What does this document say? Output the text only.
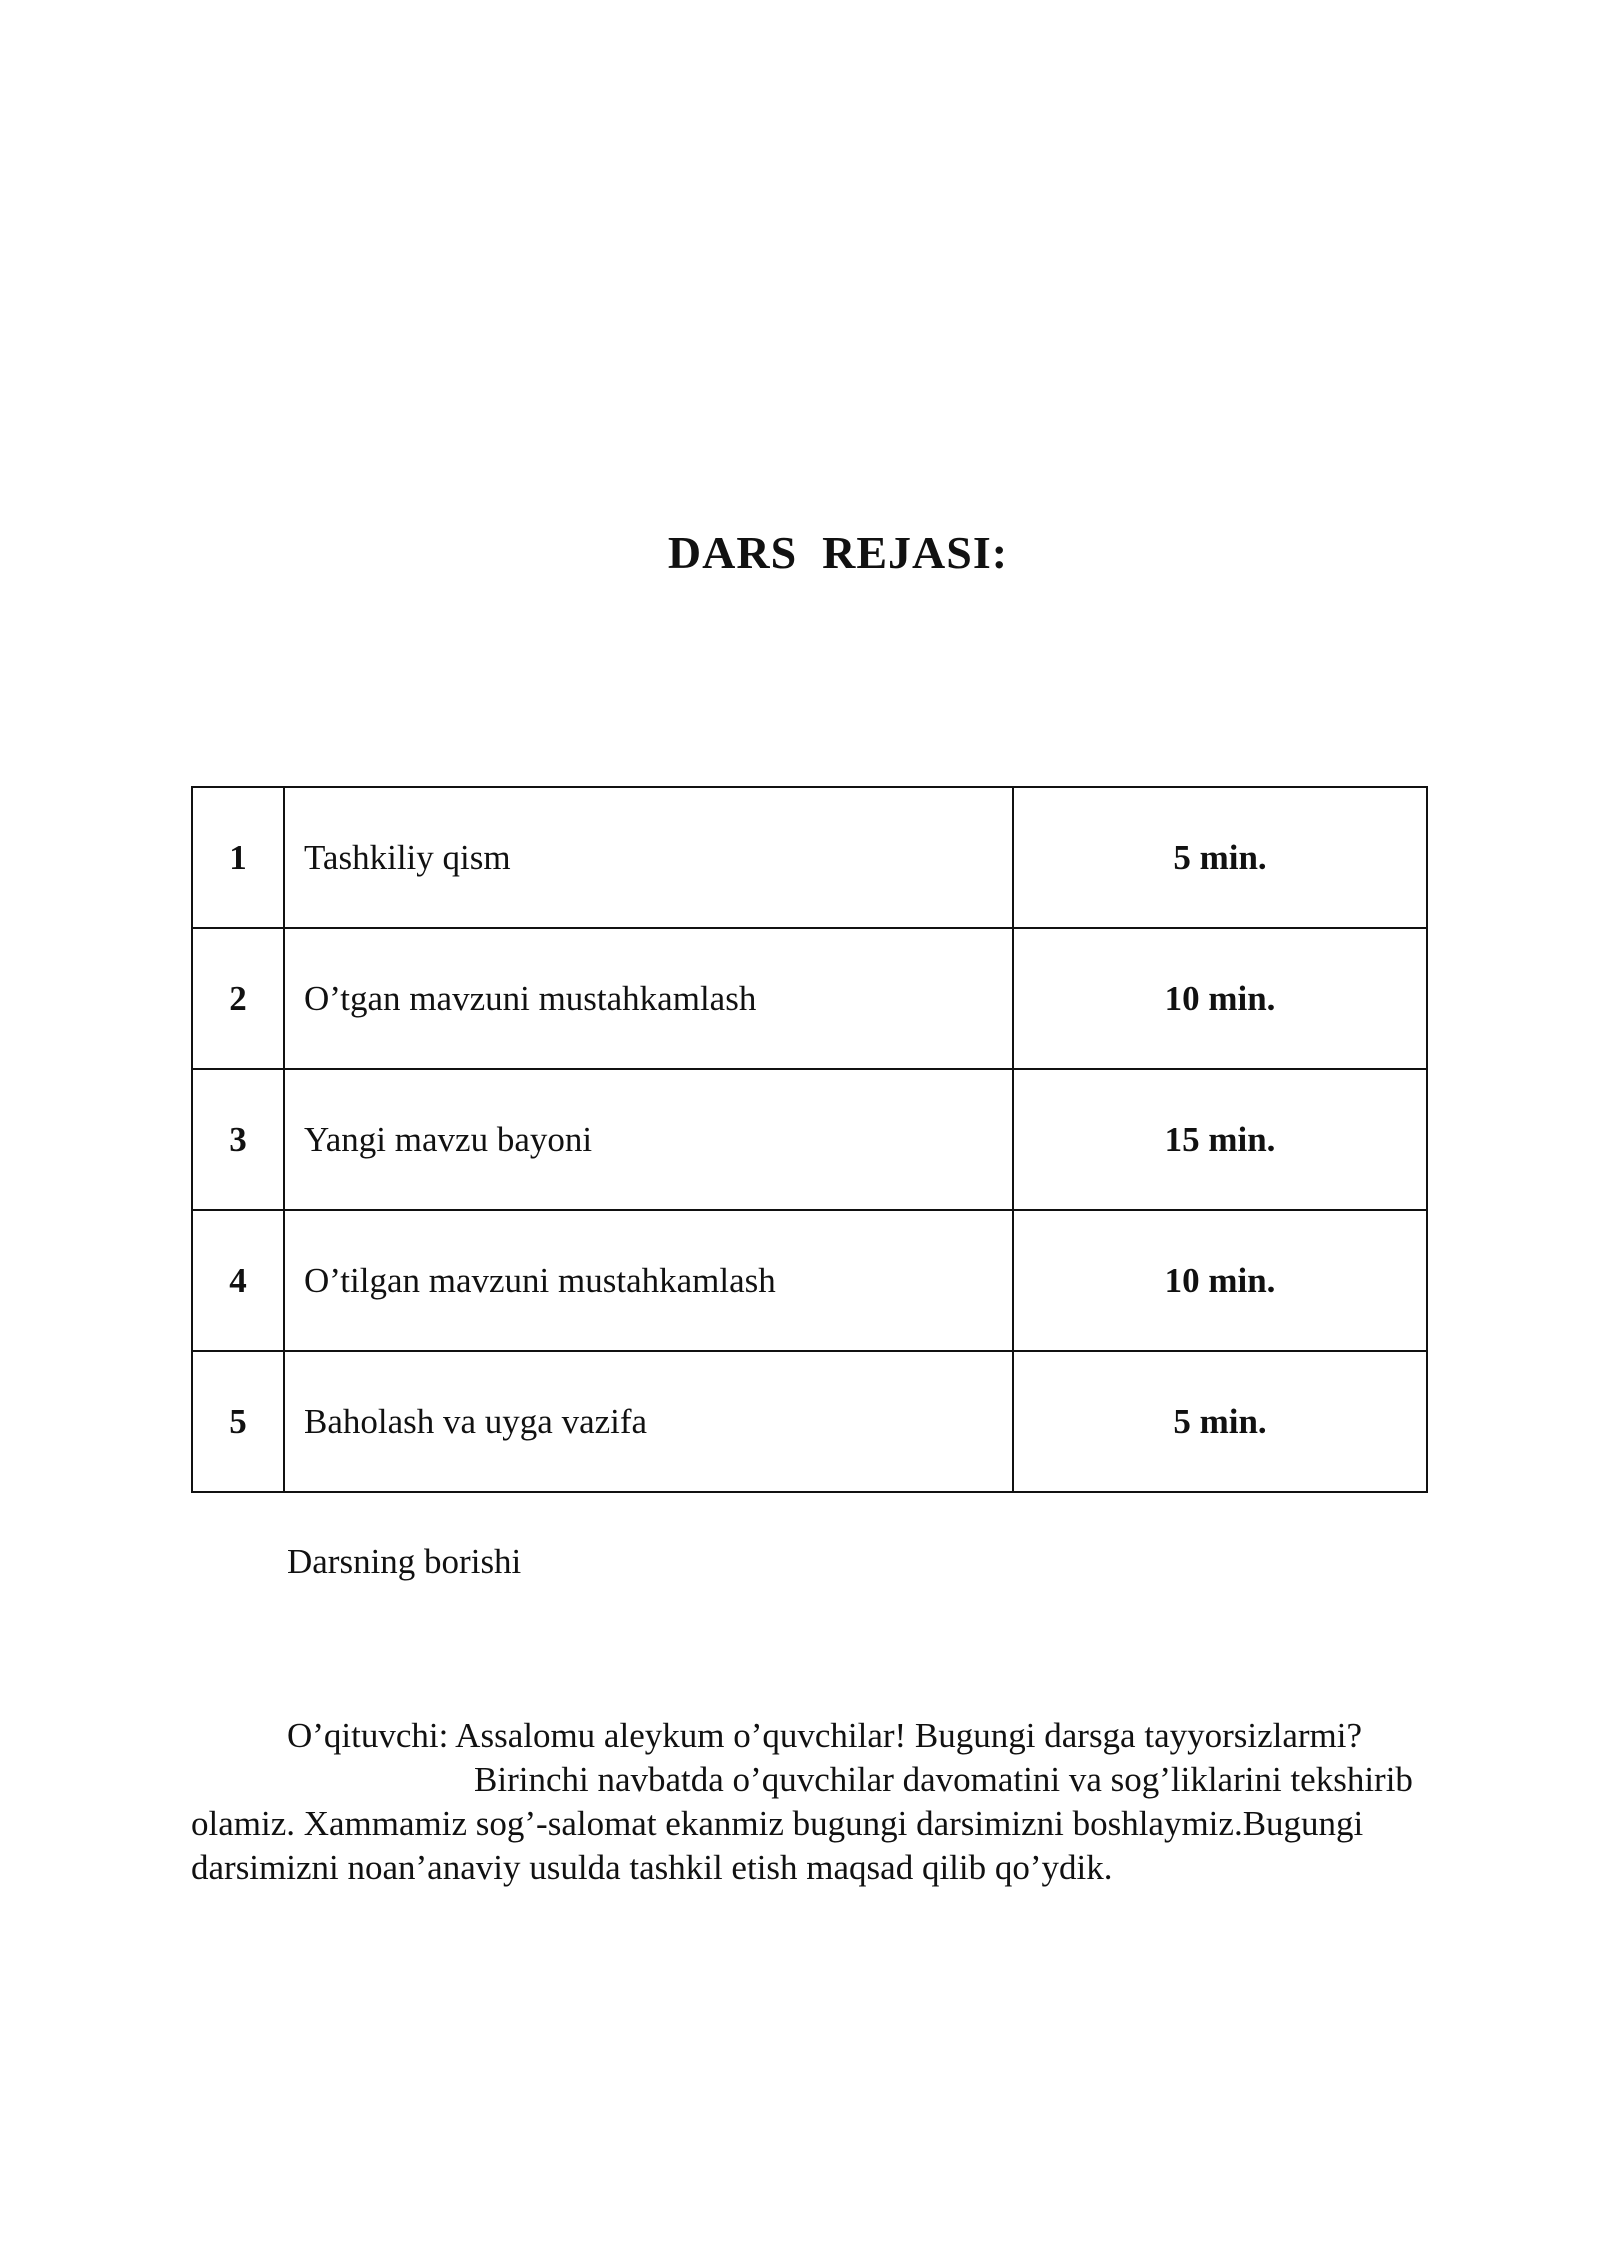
DARS  REJASI:
1	Tashkiliy qism	5 min.
2	O’tgan mavzuni mustahkamlash	10 min.
3	Yangi mavzu bayoni	15 min.
4	O’tilgan mavzuni mustahkamlash	10 min.
5	Baholash va uyga vazifa	5 min.
Darsning borishi

O’qituvchi: Assalomu aleykum o’quvchilar! Bugungi darsga tayyorsizlarmi?
Birinchi navbatda o’quvchilar davomatini va sog’liklarini tekshirib
olamiz. Xammamiz sog’-salomat ekanmiz bugungi darsimizni boshlaymiz.Bugungi
darsimizni noan’anaviy usulda tashkil etish maqsad qilib qo’ydik.
